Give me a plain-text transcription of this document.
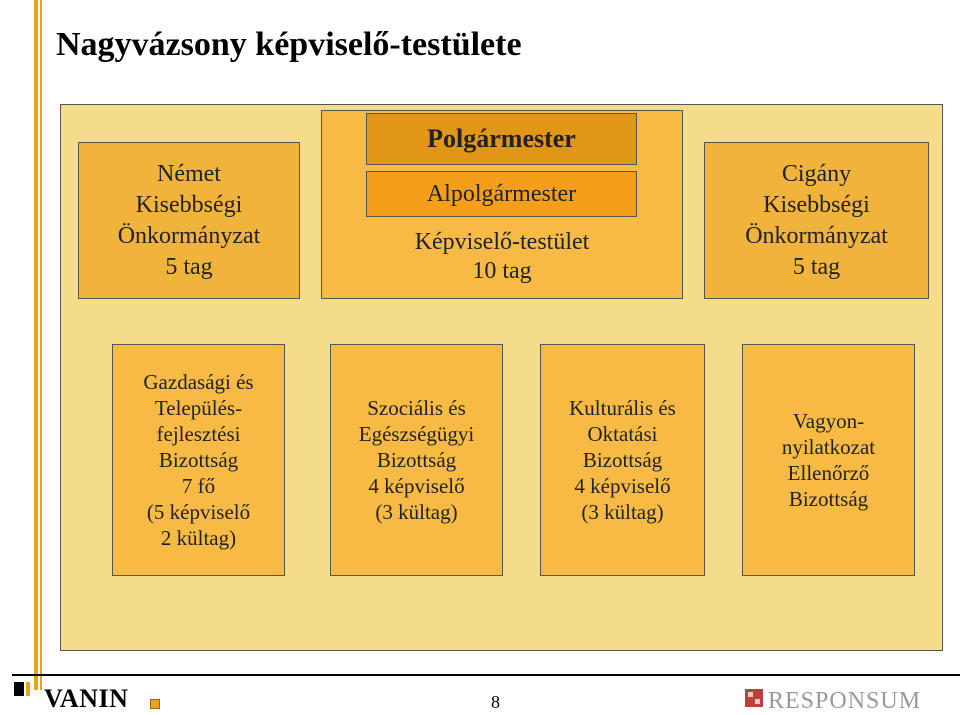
Nagyvázsony képviselő-testülete
Német
Kisebbségi
Önkormányzat
5 tag
Polgármester
Alpolgármester
Képviselő-testület
10 tag
Cigány
Kisebbségi
Önkormányzat
5 tag
Gazdasági és
Település-
fejlesztési
Bizottság
7 fő
(5 képviselő
2 kültag)
Szociális és
Egészségügyi
Bizottság
4 képviselő
(3 kültag)
Kulturális és
Oktatási
Bizottság
4 képviselő
(3 kültag)
Vagyon-
nyilatkozat
Ellenőrző
Bizottság
VANIN	8	RESPONSUM
